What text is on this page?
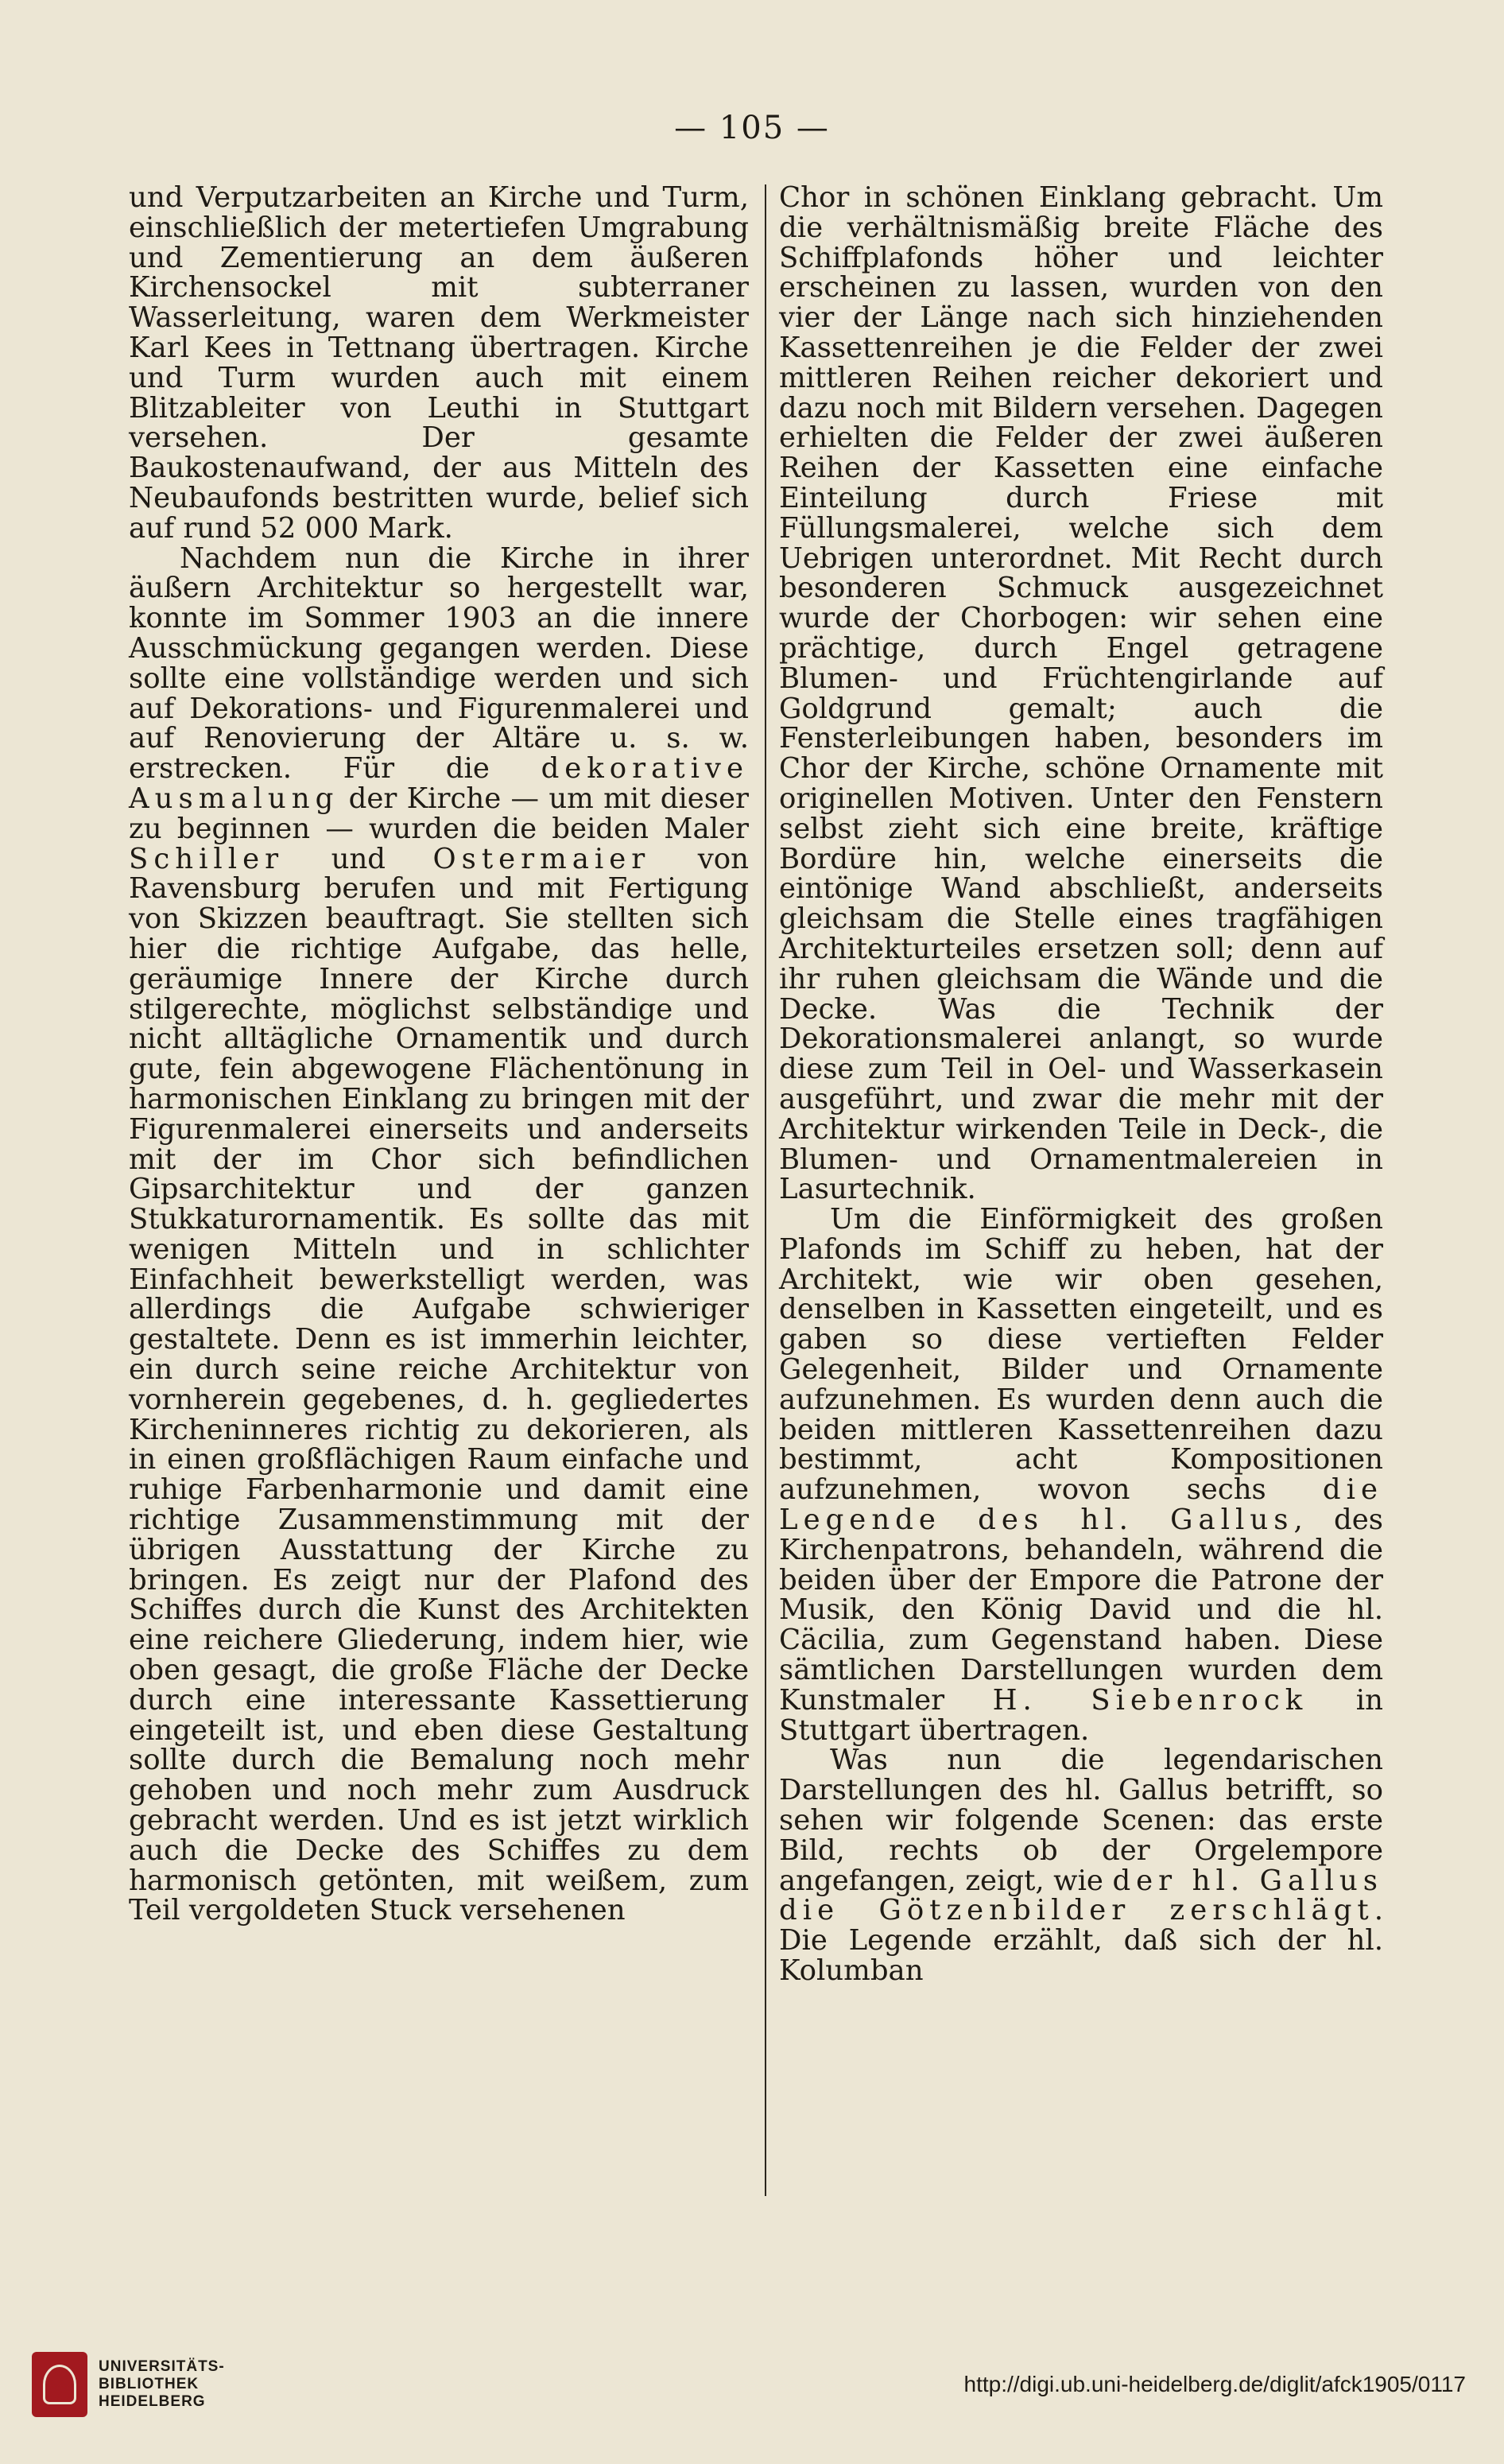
— 105 —

und Verputzarbeiten an Kirche und Turm, einschließlich der metertiefen Umgrabung und Zementierung an dem äußeren Kirchensockel mit subterraner Wasserleitung, waren dem Werkmeister Karl Kees in Tettnang übertragen. Kirche und Turm wurden auch mit einem Blitzableiter von Leuthi in Stuttgart versehen. Der gesamte Baukostenaufwand, der aus Mitteln des Neubaufonds bestritten wurde, belief sich auf rund 52 000 Mark.

Nachdem nun die Kirche in ihrer äußern Architektur so hergestellt war, konnte im Sommer 1903 an die innere Ausschmückung gegangen werden. Diese sollte eine vollständige werden und sich auf Dekorations- und Figurenmalerei und auf Renovierung der Altäre u. s. w. erstrecken. Für die dekorative Ausmalung der Kirche — um mit dieser zu beginnen — wurden die beiden Maler Schiller und Ostermaier von Ravensburg berufen und mit Fertigung von Skizzen beauftragt. Sie stellten sich hier die richtige Aufgabe, das helle, geräumige Innere der Kirche durch stilgerechte, möglichst selbständige und nicht alltägliche Ornamentik und durch gute, fein abgewogene Flächentönung in harmonischen Einklang zu bringen mit der Figurenmalerei einerseits und anderseits mit der im Chor sich befindlichen Gipsarchitektur und der ganzen Stukkaturornamentik. Es sollte das mit wenigen Mitteln und in schlichter Einfachheit bewerkstelligt werden, was allerdings die Aufgabe schwieriger gestaltete. Denn es ist immerhin leichter, ein durch seine reiche Architektur von vornherein gegebenes, d. h. gegliedertes Kircheninneres richtig zu dekorieren, als in einen großflächigen Raum einfache und ruhige Farbenharmonie und damit eine richtige Zusammenstimmung mit der übrigen Ausstattung der Kirche zu bringen. Es zeigt nur der Plafond des Schiffes durch die Kunst des Architekten eine reichere Gliederung, indem hier, wie oben gesagt, die große Fläche der Decke durch eine interessante Kassettierung eingeteilt ist, und eben diese Gestaltung sollte durch die Bemalung noch mehr gehoben und noch mehr zum Ausdruck gebracht werden. Und es ist jetzt wirklich auch die Decke des Schiffes zu dem harmonisch getönten, mit weißem, zum Teil vergoldeten Stuck versehenen

Chor in schönen Einklang gebracht. Um die verhältnismäßig breite Fläche des Schiffplafonds höher und leichter erscheinen zu lassen, wurden von den vier der Länge nach sich hinziehenden Kassettenreihen je die Felder der zwei mittleren Reihen reicher dekoriert und dazu noch mit Bildern versehen. Dagegen erhielten die Felder der zwei äußeren Reihen der Kassetten eine einfache Einteilung durch Friese mit Füllungsmalerei, welche sich dem Uebrigen unterordnet. Mit Recht durch besonderen Schmuck ausgezeichnet wurde der Chorbogen: wir sehen eine prächtige, durch Engel getragene Blumen- und Früchtengirlande auf Goldgrund gemalt; auch die Fensterleibungen haben, besonders im Chor der Kirche, schöne Ornamente mit originellen Motiven. Unter den Fenstern selbst zieht sich eine breite, kräftige Bordüre hin, welche einerseits die eintönige Wand abschließt, anderseits gleichsam die Stelle eines tragfähigen Architekturteiles ersetzen soll; denn auf ihr ruhen gleichsam die Wände und die Decke. Was die Technik der Dekorationsmalerei anlangt, so wurde diese zum Teil in Oel- und Wasserkasein ausgeführt, und zwar die mehr mit der Architektur wirkenden Teile in Deck-, die Blumen- und Ornamentmalereien in Lasurtechnik.

Um die Einförmigkeit des großen Plafonds im Schiff zu heben, hat der Architekt, wie wir oben gesehen, denselben in Kassetten eingeteilt, und es gaben so diese vertieften Felder Gelegenheit, Bilder und Ornamente aufzunehmen. Es wurden denn auch die beiden mittleren Kassettenreihen dazu bestimmt, acht Kompositionen aufzunehmen, wovon sechs die Legende des hl. Gallus, des Kirchenpatrons, behandeln, während die beiden über der Empore die Patrone der Musik, den König David und die hl. Cäcilia, zum Gegenstand haben. Diese sämtlichen Darstellungen wurden dem Kunstmaler H. Siebenrock in Stuttgart übertragen.

Was nun die legendarischen Darstellungen des hl. Gallus betrifft, so sehen wir folgende Scenen: das erste Bild, rechts ob der Orgelempore angefangen, zeigt, wie der hl. Gallus die Götzenbilder zerschlägt. Die Legende erzählt, daß sich der hl. Kolumban

UNIVERSITÄTS-
BIBLIOTHEK
HEIDELBERG
http://digi.ub.uni-heidelberg.de/diglit/afck1905/0117
